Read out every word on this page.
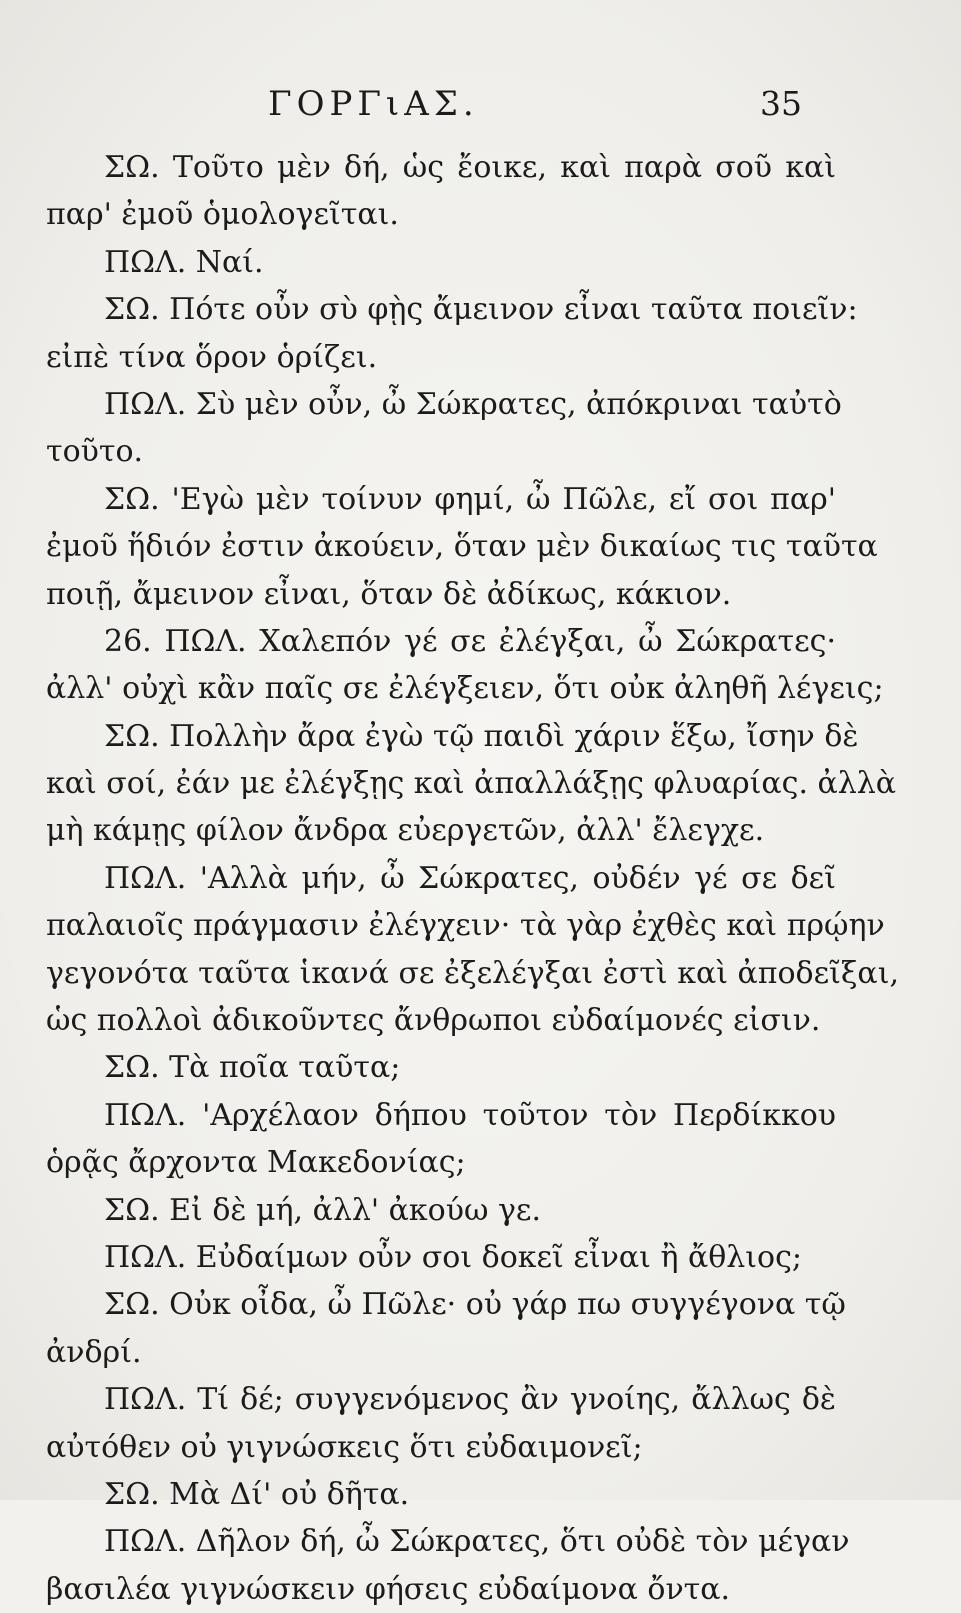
ΓΟΡΓιΑΣ.	35
ΣΩ. Τοῦτο μὲν δή, ὡς ἔοικε, καὶ παρὰ σοῦ καὶ
παρ' ἐμοῦ ὁμολογεῖται.
ΠΩΛ. Ναί.
ΣΩ. Πότε οὖν σὺ φῂς ἄμεινον εἶναι ταῦτα ποιεῖν:
εἰπὲ τίνα ὅρον ὁρίζει.
ΠΩΛ. Σὺ μὲν οὖν, ὦ Σώκρατες, ἀπόκριναι ταὐτὸ
τοῦτο.
ΣΩ. 'Εγὼ μὲν τοίνυν φημί, ὦ Πῶλε, εἴ σοι παρ'
ἐμοῦ ἥδιόν ἐστιν ἀκούειν, ὅταν μὲν δικαίως τις ταῦτα
ποιῇ, ἄμεινον εἶναι, ὅταν δὲ ἀδίκως, κάκιον.
26. ΠΩΛ. Χαλεπόν γέ σε ἐλέγξαι, ὦ Σώκρατες·
ἀλλ' οὐχὶ κἂν παῖς σε ἐλέγξειεν, ὅτι οὐκ ἀληθῆ λέγεις;
ΣΩ. Πολλὴν ἄρα ἐγὼ τῷ παιδὶ χάριν ἕξω, ἴσην δὲ
καὶ σοί, ἐάν με ἐλέγξῃς καὶ ἀπαλλάξῃς φλυαρίας. ἀλλὰ
μὴ κάμῃς φίλον ἄνδρα εὐεργετῶν, ἀλλ' ἔλεγχε.
ΠΩΛ. 'Αλλὰ μήν, ὦ Σώκρατες, οὐδέν γέ σε δεῖ
παλαιοῖς πράγμασιν ἐλέγχειν· τὰ γὰρ ἐχθὲς καὶ πρῴην
γεγονότα ταῦτα ἱκανά σε ἐξελέγξαι ἐστὶ καὶ ἀποδεῖξαι,
ὡς πολλοὶ ἀδικοῦντες ἄνθρωποι εὐδαίμονές εἰσιν.
ΣΩ. Τὰ ποῖα ταῦτα;
ΠΩΛ. 'Αρχέλαον δήπου τοῦτον τὸν Περδίκκου
ὁρᾷς ἄρχοντα Μακεδονίας;
ΣΩ. Εἰ δὲ μή, ἀλλ' ἀκούω γε.
ΠΩΛ. Εὐδαίμων οὖν σοι δοκεῖ εἶναι ἢ ἄθλιος;
ΣΩ. Οὐκ οἶδα, ὦ Πῶλε· οὐ γάρ πω συγγέγονα τῷ
ἀνδρί.
ΠΩΛ. Τί δέ; συγγενόμενος ἂν γνοίης, ἄλλως δὲ
αὐτόθεν οὐ γιγνώσκεις ὅτι εὐδαιμονεῖ;
ΣΩ. Μὰ Δί' οὐ δῆτα.
ΠΩΛ. Δῆλον δή, ὦ Σώκρατες, ὅτι οὐδὲ τὸν μέγαν
βασιλέα γιγνώσκειν φήσεις εὐδαίμονα ὄντα.
